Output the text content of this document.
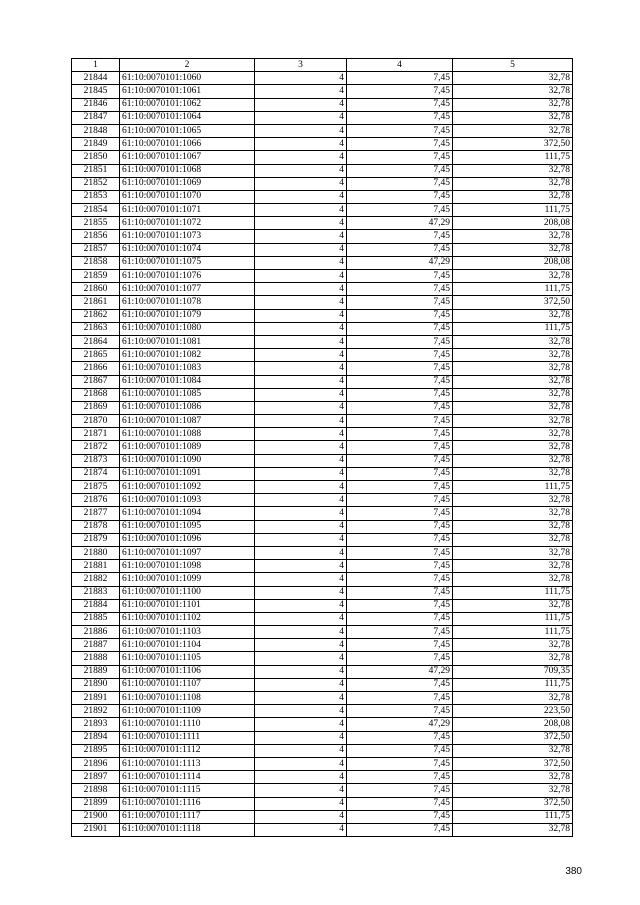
1	2	3	4	5
21844	61:10:0070101:1060	4	7,45	32,78
21845	61:10:0070101:1061	4	7,45	32,78
21846	61:10:0070101:1062	4	7,45	32,78
21847	61:10:0070101:1064	4	7,45	32,78
21848	61:10:0070101:1065	4	7,45	32,78
21849	61:10:0070101:1066	4	7,45	372,50
21850	61:10:0070101:1067	4	7,45	111,75
21851	61:10:0070101:1068	4	7,45	32,78
21852	61:10:0070101:1069	4	7,45	32,78
21853	61:10:0070101:1070	4	7,45	32,78
21854	61:10:0070101:1071	4	7,45	111,75
21855	61:10:0070101:1072	4	47,29	208,08
21856	61:10:0070101:1073	4	7,45	32,78
21857	61:10:0070101:1074	4	7,45	32,78
21858	61:10:0070101:1075	4	47,29	208,08
21859	61:10:0070101:1076	4	7,45	32,78
21860	61:10:0070101:1077	4	7,45	111,75
21861	61:10:0070101:1078	4	7,45	372,50
21862	61:10:0070101:1079	4	7,45	32,78
21863	61:10:0070101:1080	4	7,45	111,75
21864	61:10:0070101:1081	4	7,45	32,78
21865	61:10:0070101:1082	4	7,45	32,78
21866	61:10:0070101:1083	4	7,45	32,78
21867	61:10:0070101:1084	4	7,45	32,78
21868	61:10:0070101:1085	4	7,45	32,78
21869	61:10:0070101:1086	4	7,45	32,78
21870	61:10:0070101:1087	4	7,45	32,78
21871	61:10:0070101:1088	4	7,45	32,78
21872	61:10:0070101:1089	4	7,45	32,78
21873	61:10:0070101:1090	4	7,45	32,78
21874	61:10:0070101:1091	4	7,45	32,78
21875	61:10:0070101:1092	4	7,45	111,75
21876	61:10:0070101:1093	4	7,45	32,78
21877	61:10:0070101:1094	4	7,45	32,78
21878	61:10:0070101:1095	4	7,45	32,78
21879	61:10:0070101:1096	4	7,45	32,78
21880	61:10:0070101:1097	4	7,45	32,78
21881	61:10:0070101:1098	4	7,45	32,78
21882	61:10:0070101:1099	4	7,45	32,78
21883	61:10:0070101:1100	4	7,45	111,75
21884	61:10:0070101:1101	4	7,45	32,78
21885	61:10:0070101:1102	4	7,45	111,75
21886	61:10:0070101:1103	4	7,45	111,75
21887	61:10:0070101:1104	4	7,45	32,78
21888	61:10:0070101:1105	4	7,45	32,78
21889	61:10:0070101:1106	4	47,29	709,35
21890	61:10:0070101:1107	4	7,45	111,75
21891	61:10:0070101:1108	4	7,45	32,78
21892	61:10:0070101:1109	4	7,45	223,50
21893	61:10:0070101:1110	4	47,29	208,08
21894	61:10:0070101:1111	4	7,45	372,50
21895	61:10:0070101:1112	4	7,45	32,78
21896	61:10:0070101:1113	4	7,45	372,50
21897	61:10:0070101:1114	4	7,45	32,78
21898	61:10:0070101:1115	4	7,45	32,78
21899	61:10:0070101:1116	4	7,45	372,50
21900	61:10:0070101:1117	4	7,45	111,75
21901	61:10:0070101:1118	4	7,45	32,78
380
